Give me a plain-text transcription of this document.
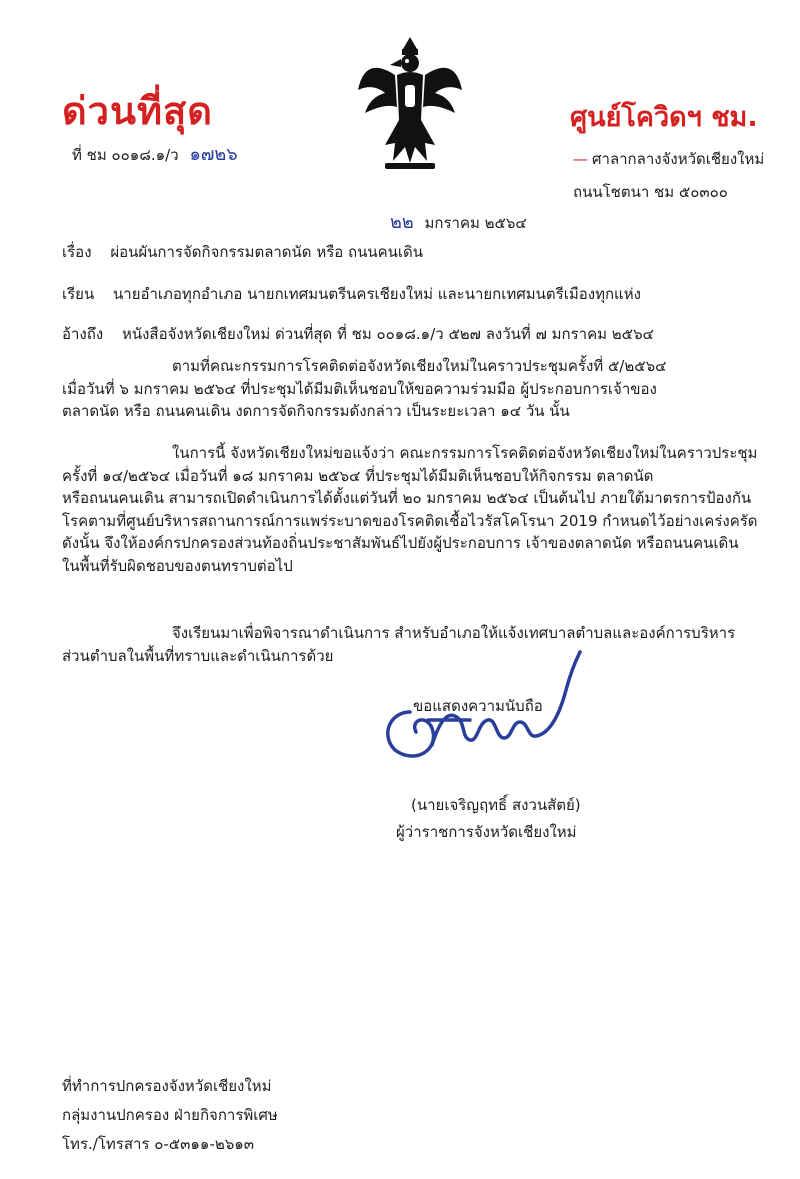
ด่วนที่สุด
ที่ ชม ๐๐๑๘.๑/ว ๑๗๒๖
ศูนย์โควิดฯ ชม.
— ศาลากลางจังหวัดเชียงใหม่
ถนนโชตนา ชม ๕๐๓๐๐
๒๒ มกราคม ๒๕๖๔
เรื่อง ผ่อนผันการจัดกิจกรรมตลาดนัด หรือ ถนนคนเดิน
เรียน นายอำเภอทุกอำเภอ นายกเทศมนตรีนครเชียงใหม่ และนายกเทศมนตรีเมืองทุกแห่ง
อ้างถึง หนังสือจังหวัดเชียงใหม่ ด่วนที่สุด ที่ ชม ๐๐๑๘.๑/ว ๕๒๗ ลงวันที่ ๗ มกราคม ๒๕๖๔

ตามที่คณะกรรมการโรคติดต่อจังหวัดเชียงใหม่ในคราวประชุมครั้งที่ ๕/๒๕๖๔

เมื่อวันที่ ๖ มกราคม ๒๕๖๔ ที่ประชุมได้มีมติเห็นชอบให้ขอความร่วมมือ ผู้ประกอบการเจ้าของ

ตลาดนัด หรือ ถนนคนเดิน งดการจัดกิจกรรมดังกล่าว เป็นระยะเวลา ๑๔ วัน นั้น

ในการนี้ จังหวัดเชียงใหม่ขอแจ้งว่า คณะกรรมการโรคติดต่อจังหวัดเชียงใหม่ในคราวประชุม

ครั้งที่ ๑๔/๒๕๖๔ เมื่อวันที่ ๑๘ มกราคม ๒๕๖๔ ที่ประชุมได้มีมติเห็นชอบให้กิจกรรม ตลาดนัด

หรือถนนคนเดิน สามารถเปิดดำเนินการได้ตั้งแต่วันที่ ๒๐ มกราคม ๒๕๖๔ เป็นต้นไป ภายใต้มาตรการป้องกัน

โรคตามที่ศูนย์บริหารสถานการณ์การแพร่ระบาดของโรคติดเชื้อไวรัสโคโรนา 2019 กำหนดไว้อย่างเคร่งครัด

ดังนั้น จึงให้องค์กรปกครองส่วนท้องถิ่นประชาสัมพันธ์ไปยังผู้ประกอบการ เจ้าของตลาดนัด หรือถนนคนเดิน

ในพื้นที่รับผิดชอบของตนทราบต่อไป

จึงเรียนมาเพื่อพิจารณาดำเนินการ สำหรับอำเภอให้แจ้งเทศบาลตำบลและองค์การบริหาร

ส่วนตำบลในพื้นที่ทราบและดำเนินการด้วย

ขอแสดงความนับถือ
(นายเจริญฤทธิ์ สงวนสัตย์)
ผู้ว่าราชการจังหวัดเชียงใหม่
ที่ทำการปกครองจังหวัดเชียงใหม่
กลุ่มงานปกครอง ฝ่ายกิจการพิเศษ
โทร./โทรสาร ๐-๕๓๑๑-๒๖๑๓
